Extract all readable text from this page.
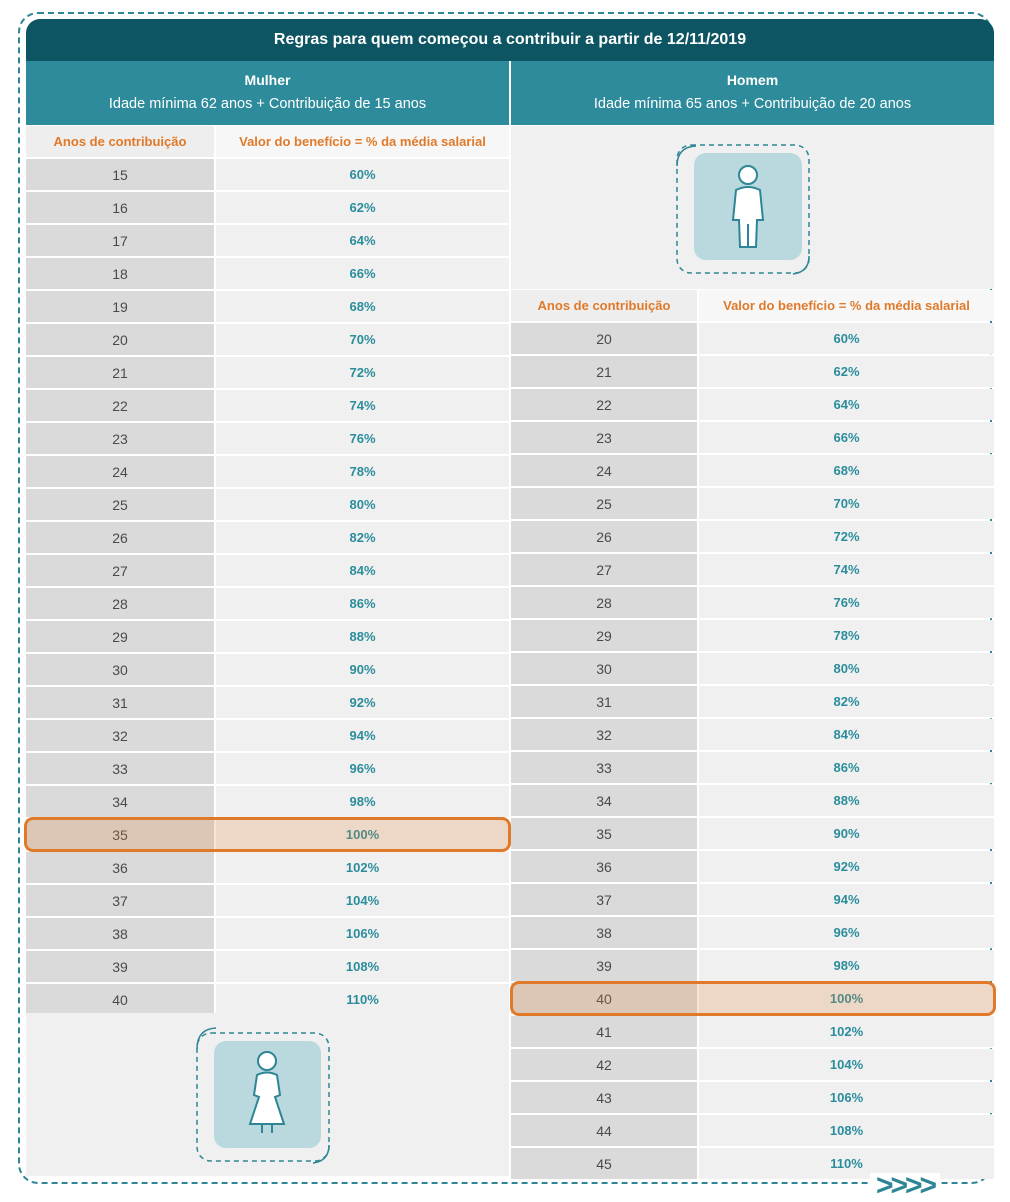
Regras para quem começou a contribuir a partir de 12/11/2019
Mulher
Idade mínima 62 anos + Contribuição de 15 anos
Homem
Idade mínima 65 anos + Contribuição de 20 anos
Anos de contribuição	Valor do benefício = % da média salarial
15	60%
16	62%
17	64%
18	66%
19	68%
20	70%
21	72%
22	74%
23	76%
24	78%
25	80%
26	82%
27	84%
28	86%
29	88%
30	90%
31	92%
32	94%
33	96%
34	98%
35	100%
36	102%
37	104%
38	106%
39	108%
40	110%
Anos de contribuição	Valor do benefício = % da média salarial
20	60%
21	62%
22	64%
23	66%
24	68%
25	70%
26	72%
27	74%
28	76%
29	78%
30	80%
31	82%
32	84%
33	86%
34	88%
35	90%
36	92%
37	94%
38	96%
39	98%
40	100%
41	102%
42	104%
43	106%
44	108%
45	110%
>>>>
